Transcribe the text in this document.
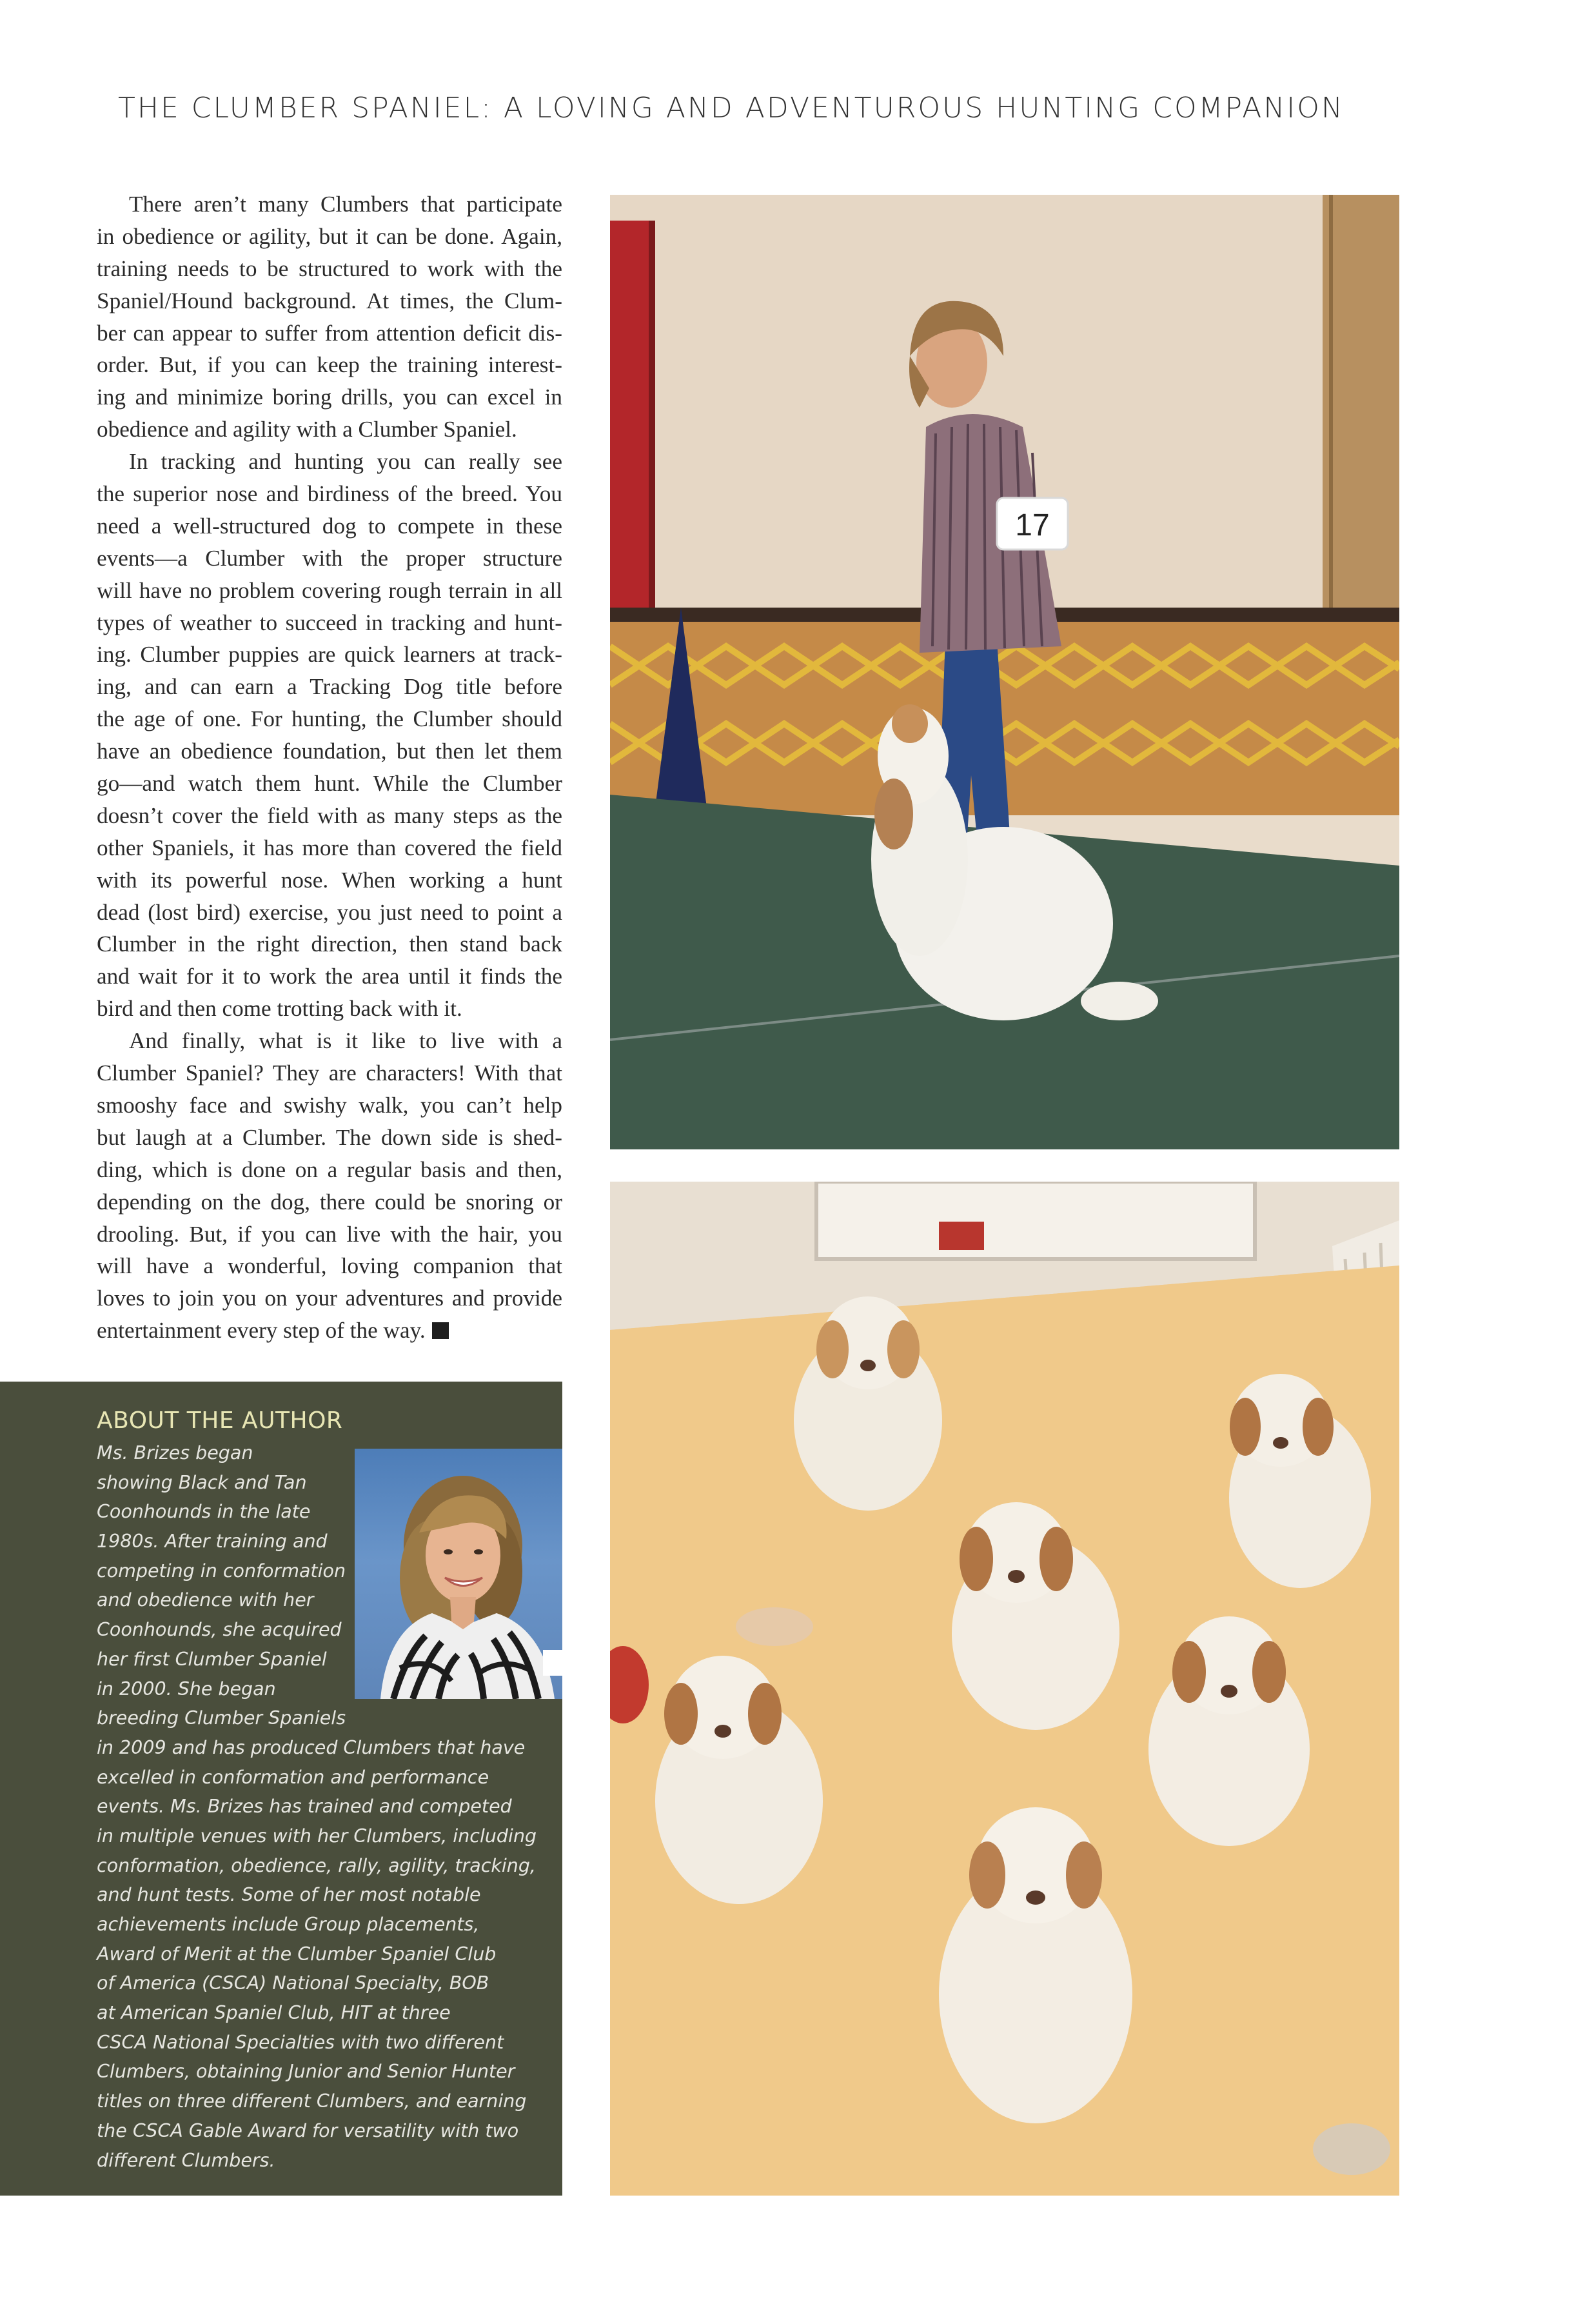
THE CLUMBER SPANIEL: A LOVING AND ADVENTUROUS HUNTING COMPANION
There aren’t many Clumbers that participate
in obedience or agility, but it can be done. Again,
training needs to be structured to work with the
Spaniel/Hound background. At times, the Clum-
ber can appear to suffer from attention deficit dis-
order. But, if you can keep the training interest-
ing and minimize boring drills, you can excel in
obedience and agility with a Clumber Spaniel.
In tracking and hunting you can really see
the superior nose and birdiness of the breed. You
need a well-structured dog to compete in these
events—a Clumber with the proper structure
will have no problem covering rough terrain in all
types of weather to succeed in tracking and hunt-
ing. Clumber puppies are quick learners at track-
ing, and can earn a Tracking Dog title before
the age of one. For hunting, the Clumber should
have an obedience foundation, but then let them
go—and watch them hunt. While the Clumber
doesn’t cover the field with as many steps as the
other Spaniels, it has more than covered the field
with its powerful nose. When working a hunt
dead (lost bird) exercise, you just need to point a
Clumber in the right direction, then stand back
and wait for it to work the area until it finds the
bird and then come trotting back with it.
And finally, what is it like to live with a
Clumber Spaniel? They are characters! With that
smooshy face and swishy walk, you can’t help
but laugh at a Clumber. The down side is shed-
ding, which is done on a regular basis and then,
depending on the dog, there could be snoring or
drooling. But, if you can live with the hair, you
will have a wonderful, loving companion that
loves to join you on your adventures and provide
entertainment every step of the way.
ABOUT THE AUTHOR
Ms. Brizes began
showing Black and Tan
Coonhounds in the late
1980s. After training and
competing in conformation
and obedience with her
Coonhounds, she acquired
her first Clumber Spaniel
in 2000. She began
breeding Clumber Spaniels
in 2009 and has produced Clumbers that have
excelled in conformation and performance
events. Ms. Brizes has trained and competed
in multiple venues with her Clumbers, including
conformation, obedience, rally, agility, tracking,
and hunt tests. Some of her most notable
achievements include Group placements,
Award of Merit at the Clumber Spaniel Club
of America (CSCA) National Specialty, BOB
at American Spaniel Club, HIT at three
CSCA National Specialties with two different
Clumbers, obtaining Junior and Senior Hunter
titles on three different Clumbers, and earning
the CSCA Gable Award for versatility with two
different Clumbers.
17
